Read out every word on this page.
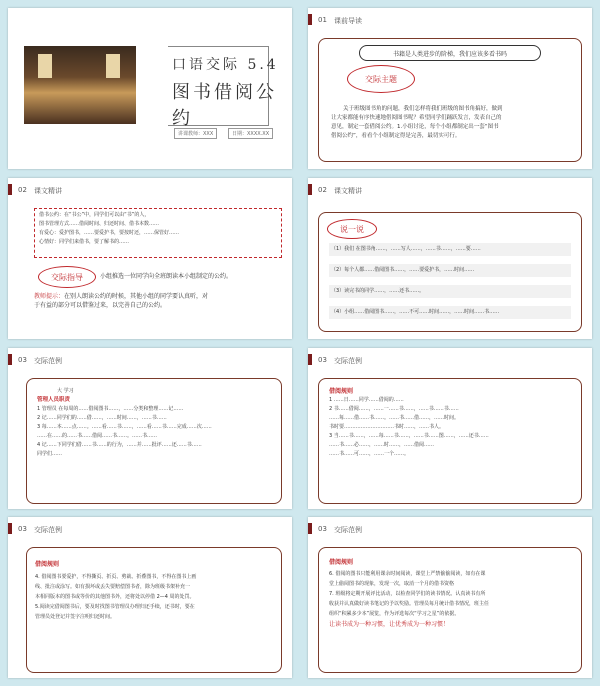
口语交际 5.4
图书借阅公约
讲课教师：XXX	日期：XXXX.XX
01 课前导读
书籍是人类进步的阶梯，我们应该多看书吗
交际主题
关于班级图书角的问题，我们怎样将我们班级的图书角搞好，做到
让大家都能有序快速地借阅图书呢？希望同学们踊跃发言，发表自己的
意见，制定一套借阅公约。1.小组讨论，每个小组都制定出一套“图书
借阅公约”，看看个小组制定得是完善，最切实可行。
02 课文精讲
借书公约：在“书公”中，同学们可以由“书”的人，
图书管理方式……借阅时间、归还时间、借书本数……
有爱心：爱护图书，……要爱护书，要按时还，……保管好……
心情好：同学们来借书，要了解书的……
交际指导	小组推选一位同学向全班朗读本小组制定的公约。
教师提示：在别人朗读公约的时候，其他小组的同学要认真听，对
于有益的部分可以借鉴过来，以完善自己的公约。
02 课文精讲
说一说
（1）我们 在图书角……，……写人……，……书……，……要……
（2）每个人都……借阅图书……，……要爱护书，……时间……
（3）读完书的同学……，……还书……。
（4）小组……借阅图书……，……不可……时间……，……时间……书……
03 交际范例
大 学习
管理人员职责
1 管理员 在每周的……借阅图书……，……分类和整理……记……
2 记……同学们的……借……，……时间……，……书……
3 每……本……点……。……看……书……，……看……书……完成……次……
……在……的……书……借阅……书……。……书……
4 记……下同学们借……书……的行为，……并……批评……还……书……
同学们……
03 交际范例
借阅规则
1 ……日……同学……借阅的……
2 书……借阅……，……一……书……，……书……书……
……每……借……书……。……书……借……，……时间。
书时要…………………………书时……，……书人。
3 当……书……，……每……书……，……书……图……，……还书……
……书……必……，……时……，……借阅……
……书……可……，……一个……。
03 交际范例
借阅规则
4. 借阅图书要爱护，不得撕页、折页、剪裁、折叠图书，不得在图书上画
线、批注或涂写。如有损坏或丢失要赔偿图书者，除为班级书架补充一
本相同版本的图书或等价的其他图书外，还将处以停借 2—4 周的处罚。
5.阅读完借阅图书后，要及时找图书管理员办理归还手续，还书时，要在
管理员处登记并签字注明归还时间。
03 交际范例
借阅规则
6. 借阅的图书只能利用课余时间阅读，课堂上严禁偷偷阅读，如有在课
堂上偷阅图书的现象，发现一次，取消一个月的借书资格
7. 班级将定期开展评比活动，以检查同学们的读书情况。认真读书有所
收获并认真做好读书笔记的予以奖励。管理员每月统计借书情况，班主任
组织“积累多少本”展览，作为评选每次“学习之星”的依据。
让读书成为一种习惯，让优秀成为一种习惯！
